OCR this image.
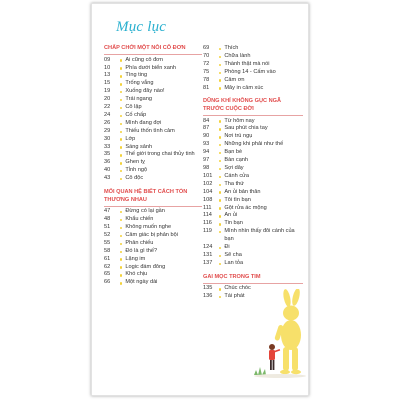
Mục lục
CHẤP CHỚI MỘT NỖI CÔ ĐƠN
09	Ai cũng cô đơn
10	Phía dưới biển xanh
13	Tìng ting
15	Trống vắng
19	Xuống đây nào!
20	Trái ngang
22	Cô lập
24	Cố chấp
26	Mình đang đợi
29	Thiếu thốn tình cảm
30	Lớp
33	Sáng sảnh
35	Thế giới trong chai thủy tinh
36	Ghen tỵ
40	Tỉnh ngộ
43	Cô độc
MỐI QUAN HỆ BIẾT CÁCH TỔN THƯƠNG NHAU
47	Đừng có lại gần
48	Khẩu chiến
51	Không muốn nghe
52	Cảm giác bị phản bội
55	Phản chiếu
58	Đó là gì thế?
61	Lặng im
62	Logic đám đông
65	Khó chịu
66	Một ngày dài
69	Thích
70	Chữa lành
72	Thành thật mà nói
75	Phòng 14 - Cấm vào
78	Cảm ơn
81	Mây in cảm xúc
DŨNG KHÍ KHÔNG GỤC NGÃ TRƯỚC CUỘC ĐỜI
84	Từ hôm nay
87	Sau phút chia tay
90	Nơi trú ngụ
93	Những khi phải như thế
94	Bạn bè
97	Bàn cạnh
98	Sợi dây
101	Cánh cửa
102	Tha thứ
104	An ủi bản thân
108	Tôi tìn bạn
111	Gột rửa ác mộng
114	An ủi
116	Tin bạn
119	Mình nhìn thấy đôi cánh của bạn
124	Đi
131	Sẽ cha
137	Lan tỏa
GAI MỌC TRONG TIM
135	Chúc chóc
136	Tái phát
